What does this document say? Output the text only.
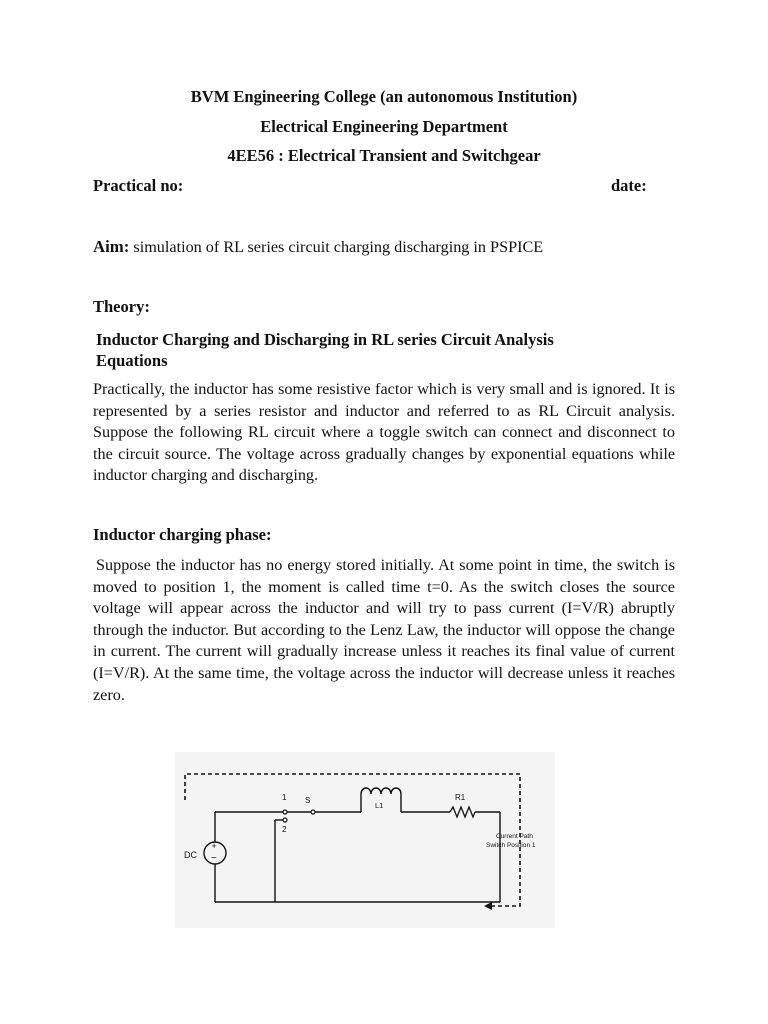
BVM Engineering College (an autonomous Institution)
Electrical Engineering Department
4EE56 : Electrical Transient and Switchgear
Practical no:	date:
Aim: simulation of RL series circuit charging discharging in PSPICE
Theory:
Inductor Charging and Discharging in RL series Circuit Analysis
Equations
Practically, the inductor has some resistive factor which is very small and is ignored. It is represented by a series resistor and inductor and referred to as RL Circuit analysis. Suppose the following RL circuit where a toggle switch can connect and disconnect to the circuit source. The voltage across gradually changes by exponential equations while inductor charging and discharging.
Inductor charging phase:
Suppose the inductor has no energy stored initially. At some point in time, the switch is moved to position 1, the moment is called time t=0. As the switch closes the source voltage will appear across the inductor and will try to pass current (I=V/R) abruptly through the inductor. But according to the Lenz Law, the inductor will oppose the change in current. The current will gradually increase unless it reaches its final value of current (I=V/R). At the same time, the voltage across the inductor will decrease unless it reaches zero.
+
−
DC
1
2
S
L1
R1
Current Path
Switch Position 1
